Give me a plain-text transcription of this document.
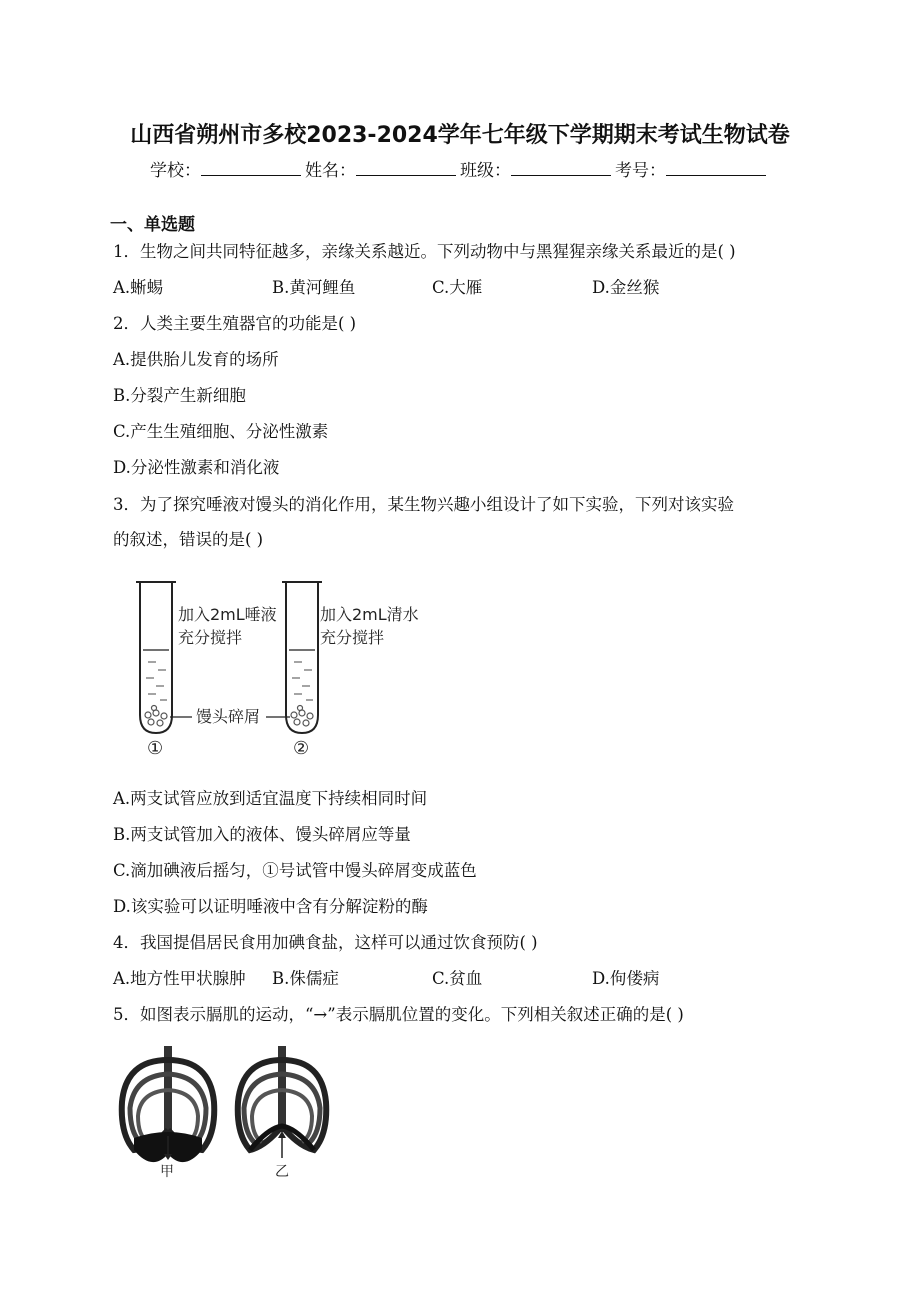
山西省朔州市多校2023-2024学年七年级下学期期末考试生物试卷
学校：	姓名：	班级：	考号：
一、单选题
1．生物之间共同特征越多，亲缘关系越近。下列动物中与黑猩猩亲缘关系最近的是( )
A.蜥蜴	B.黄河鲤鱼	C.大雁	D.金丝猴
2．人类主要生殖器官的功能是( )
A.提供胎儿发育的场所
B.分裂产生新细胞
C.产生生殖细胞、分泌性激素
D.分泌性激素和消化液
3．为了探究唾液对馒头的消化作用，某生物兴趣小组设计了如下实验，下列对该实验
的叙述，错误的是( )
加入2mL唾液
充分搅拌
加入2mL清水
充分搅拌
馒头碎屑
①	②
A.两支试管应放到适宜温度下持续相同时间
B.两支试管加入的液体、馒头碎屑应等量
C.滴加碘液后摇匀，①号试管中馒头碎屑变成蓝色
D.该实验可以证明唾液中含有分解淀粉的酶
4．我国提倡居民食用加碘食盐，这样可以通过饮食预防( )
A.地方性甲状腺肿 B.侏儒症	C.贫血	D.佝偻病
5．如图表示膈肌的运动，“→”表示膈肌位置的变化。下列相关叙述正确的是( )
甲	乙
